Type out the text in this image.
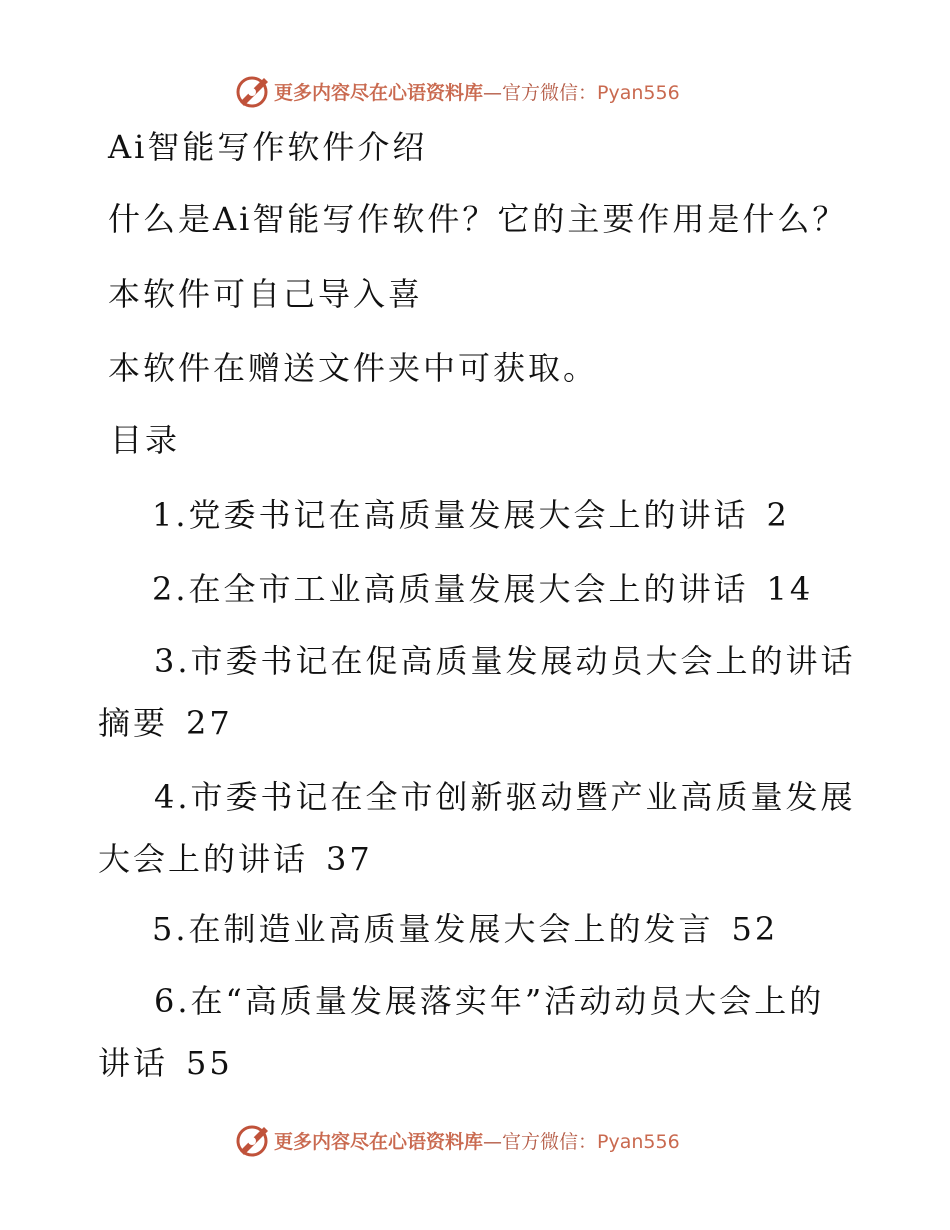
更多内容尽在心语资料库—官方微信：Pyan556
Ai智能写作软件介绍
什么是Ai智能写作软件？它的主要作用是什么？
本软件可自己导入喜
本软件在赠送文件夹中可获取。
目录
1.党委书记在高质量发展大会上的讲话 2
2.在全市工业高质量发展大会上的讲话 14
3.市委书记在促高质量发展动员大会上的讲话摘要 27
4.市委书记在全市创新驱动暨产业高质量发展大会上的讲话 37
5.在制造业高质量发展大会上的发言 52
6.在“高质量发展落实年”活动动员大会上的讲话 55
更多内容尽在心语资料库—官方微信：Pyan556
